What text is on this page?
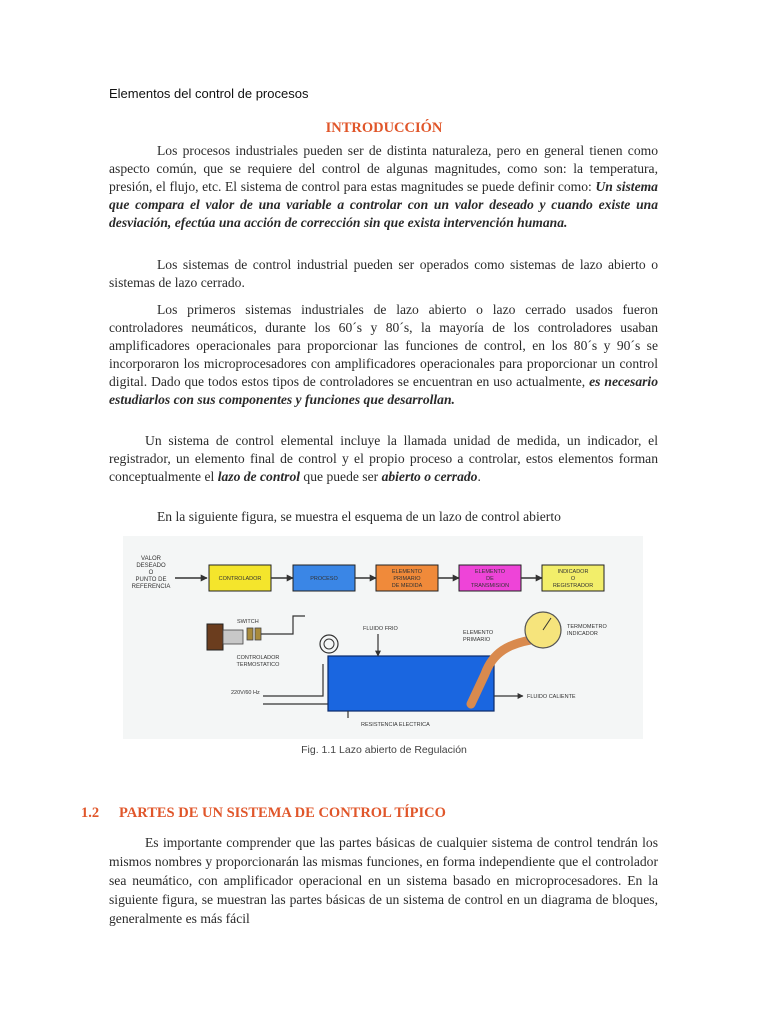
Elementos del control de procesos
INTRODUCCIÓN

Los procesos industriales pueden ser de distinta naturaleza, pero en general tienen como aspecto común, que se requiere del control de algunas magnitudes, como son: la temperatura, presión, el flujo, etc. El sistema de control para estas magnitudes se puede definir como: Un sistema que compara el valor de una variable a controlar con un valor deseado y cuando existe una desviación, efectúa una acción de corrección sin que exista intervención humana.

Los sistemas de control industrial pueden ser operados como sistemas de lazo abierto o sistemas de lazo cerrado.

Los primeros sistemas industriales de lazo abierto o lazo cerrado usados fueron controladores neumáticos, durante los 60´s y 80´s, la mayoría de los controladores usaban amplificadores operacionales para proporcionar las funciones de control, en los 80´s y 90´s se incorporaron los microprocesadores con amplificadores operacionales para proporcionar un control digital. Dado que todos estos tipos de controladores se encuentran en uso actualmente, es necesario estudiarlos con sus componentes y funciones que desarrollan.

Un sistema de control elemental incluye la llamada unidad de medida, un indicador, el registrador, un elemento final de control y el propio proceso a controlar, estos elementos forman conceptualmente el lazo de control que puede ser abierto o cerrado.

En la siguiente figura, se muestra el esquema de un lazo de control abierto

VALOR
DESEADO
O
PUNTO DE
REFERENCIA
CONTROLADOR	PROCESO
ELEMENTO
PRIMARIO
DE MEDIDA
ELEMENTO
DE
TRANSMISION
INDICADOR
O
REGISTRADOR
SWITCH
CONTROLADOR
TERMOSTATICO
220V/60 Hz
FLUIDO FRIO
FLUIDO CALIENTE
RESISTENCIA ELECTRICA
ELEMENTO
PRIMARIO
TERMOMETRO
INDICADOR
Fig. 1.1 Lazo abierto de Regulación
1.2 PARTES DE UN SISTEMA DE CONTROL TÍPICO

Es importante comprender que las partes básicas de cualquier sistema de control tendrán los mismos nombres y proporcionarán las mismas funciones, en forma independiente que el controlador sea neumático, con amplificador operacional en un sistema basado en microprocesadores. En la siguiente figura, se muestran las partes básicas de un sistema de control en un diagrama de bloques, generalmente es más fácil
